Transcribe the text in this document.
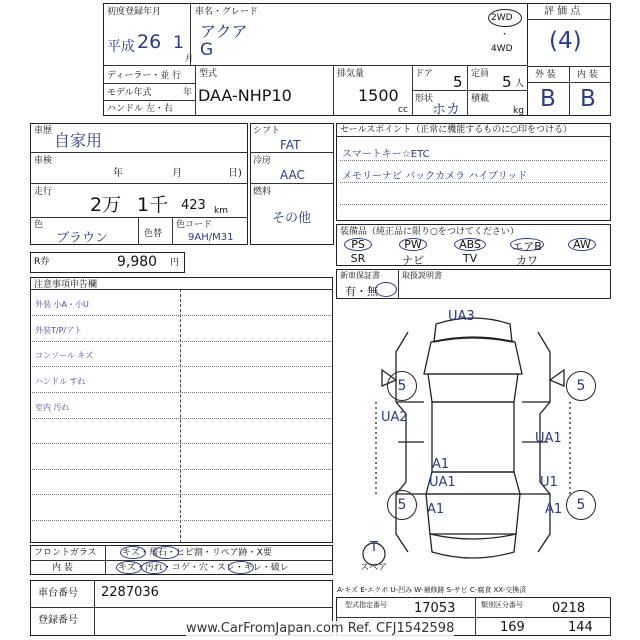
初度登録年月
平成 26 1
月
ディーラー・並 行
モデル年式	年
ハンドル 左・右
車名・グレード
アクア
G
2WD
・
4WD
型式
DAA-NHP10
排気量
1500
cc
ドア 5 定員 5 人
形状
ホカ
積載
kg
評 価 点
(4)
外 装 内 装
B B
車歴 自家用
車検
年	月	日)
走行
2万 1千 423 km
色
ブラウン	色替
色コード
9AH/M31
シフト
FAT
冷房
AAC
燃料
その他
R券	9,980 円
セールスポイント（正常に機能するものに○印をつける）
スマートキー☆ETC
メモリーナビ バックカメラ ハイブリッド
装備品（純正品に限り○をつけてください）
PS	PW	ABS	エアB	AW
SR	ナビ	TV	カワ
新車保証書
有・無
取扱説明書
注意事項申告欄
外装 小A・小U
外装T/P/アト
コンソール キズ
ハンドル すれ
室内 汚れ
UA3
UA2
UA1
A1
UA1	U1
A1	A1
5	5
5	5
T
スペア
フロントガラス	キズ・飛石・ヒビ割・リペア跡・X要
内 装	キズ・汚れ・コゲ・穴・スレ・キレ・破レ
車台番号 2287036
登録番号
A-キズ E-エクボ U-凹み W-補修跡 S-サビ C-腐食 XX-交換済
型式指定番号 17053	類別区分番号 0218
169	144
www.CarFromJapan.com Ref. CFJ1542598
